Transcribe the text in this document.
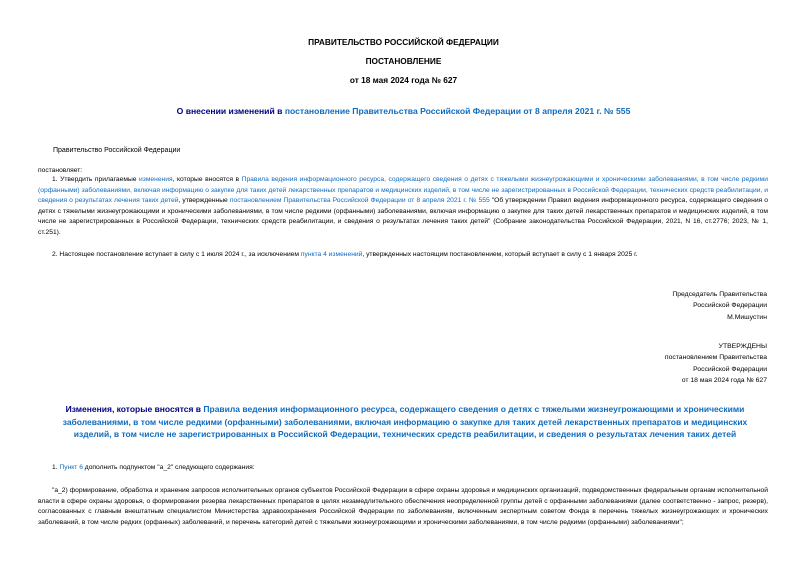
ПРАВИТЕЛЬСТВО РОССИЙСКОЙ ФЕДЕРАЦИИ
ПОСТАНОВЛЕНИЕ
от 18 мая 2024 года № 627
О внесении изменений в постановление Правительства Российской Федерации от 8 апреля 2021 г. № 555
Правительство Российской Федерации
постановляет:
1. Утвердить прилагаемые изменения, которые вносятся в Правила ведения информационного ресурса, содержащего сведения о детях с тяжелыми жизнеугрожающими и хроническими заболеваниями, в том числе редкими (орфанными) заболеваниями, включая информацию о закупке для таких детей лекарственных препаратов и медицинских изделий, в том числе не зарегистрированных в Российской Федерации, технических средств реабилитации, и сведения о результатах лечения таких детей, утвержденные постановлением Правительства Российской Федерации от 8 апреля 2021 г. № 555 "Об утверждении Правил ведения информационного ресурса, содержащего сведения о детях с тяжелыми жизнеугрожающими и хроническими заболеваниями, в том числе редкими (орфанными) заболеваниями, включая информацию о закупке для таких детей лекарственных препаратов и медицинских изделий, в том числе не зарегистрированных в Российской Федерации, технических средств реабилитации, и сведения о результатах лечения таких детей" (Собрание законодательства Российской Федерации, 2021, N 16, ст.2776; 2023, № 1, ст.251).
2. Настоящее постановление вступает в силу с 1 июля 2024 г., за исключением пункта 4 изменений, утвержденных настоящим постановлением, который вступает в силу с 1 января 2025 г.
Председатель Правительства
Российской Федерации
М.Мишустин
УТВЕРЖДЕНЫ
постановлением Правительства
Российской Федерации
от 18 мая 2024 года № 627
Изменения, которые вносятся в Правила ведения информационного ресурса, содержащего сведения о детях с тяжелыми жизнеугрожающими и хроническими заболеваниями, в том числе редкими (орфанными) заболеваниями, включая информацию о закупке для таких детей лекарственных препаратов и медицинских изделий, в том числе не зарегистрированных в Российской Федерации, технических средств реабилитации, и сведения о результатах лечения таких детей
1. Пункт 6 дополнить подпунктом "а_2" следующего содержания:
"а_2) формирование, обработка и хранение запросов исполнительных органов субъектов Российской Федерации в сфере охраны здоровья и медицинских организаций, подведомственных федеральным органам исполнительной власти в сфере охраны здоровья, о формировании резерва лекарственных препаратов в целях незамедлительного обеспечения неопределенной группы детей с орфанными заболеваниями (далее соответственно - запрос, резерв), согласованных с главным внештатным специалистом Министерства здравоохранения Российской Федерации по заболеваниям, включенным экспертным советом Фонда в перечень тяжелых жизнеугрожающих и хронических заболеваний, в том числе редких (орфанных) заболеваний, и перечень категорий детей с тяжелыми жизнеугрожающими и хроническими заболеваниями, в том числе редкими (орфанными) заболеваниями";
